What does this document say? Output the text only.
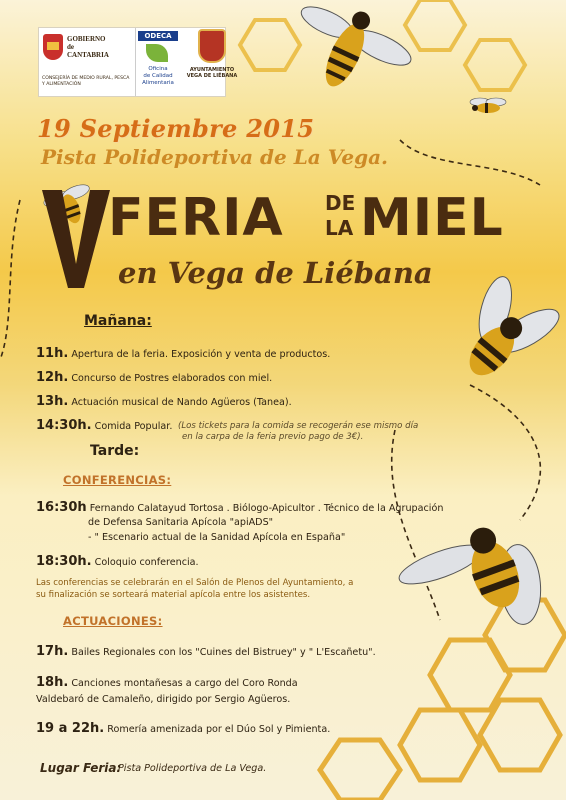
GOBIERNO
de
CANTABRIA
CONSEJERÍA DE MEDIO RURAL, PESCA Y ALIMENTACIÓN
ODECA
Oficina
de Calidad
Alimentaria
AYUNTAMIENTO
VEGA DE LIÉBANA
19 Septiembre 2015
Pista Polideportiva de La Vega.
FERIA DE
LA MIEL
en Vega de Liébana
Mañana:
11h. Apertura de la feria. Exposición y venta de productos.
12h. Concurso de Postres elaborados con miel.
13h. Actuación musical de Nando Agüeros (Tanea).
14:30h. Comida Popular. (Los tickets para la comida se recogerán ese mismo día
en la carpa de la feria previo pago de 3€).
Tarde:
CONFERENCIAS:
16:30h Fernando Calatayud Tortosa . Biólogo-Apicultor . Técnico de la Agrupación
de Defensa Sanitaria Apícola "apiADS"
- " Escenario actual de la Sanidad Apícola en España"
18:30h. Coloquio conferencia.
Las conferencias se celebrarán en el Salón de Plenos del Ayuntamiento, a
su finalización se sorteará material apícola entre los asistentes.
ACTUACIONES:
17h. Bailes Regionales con los "Cuines del Bistruey" y " L'Escañetu".
18h. Canciones montañesas a cargo del Coro Ronda
Valdebaró de Camaleño, dirigido por Sergio Agüeros.
19 a 22h. Romería amenizada por el Dúo Sol y Pimienta.
Lugar Feria:
Pista Polideportiva de La Vega.
